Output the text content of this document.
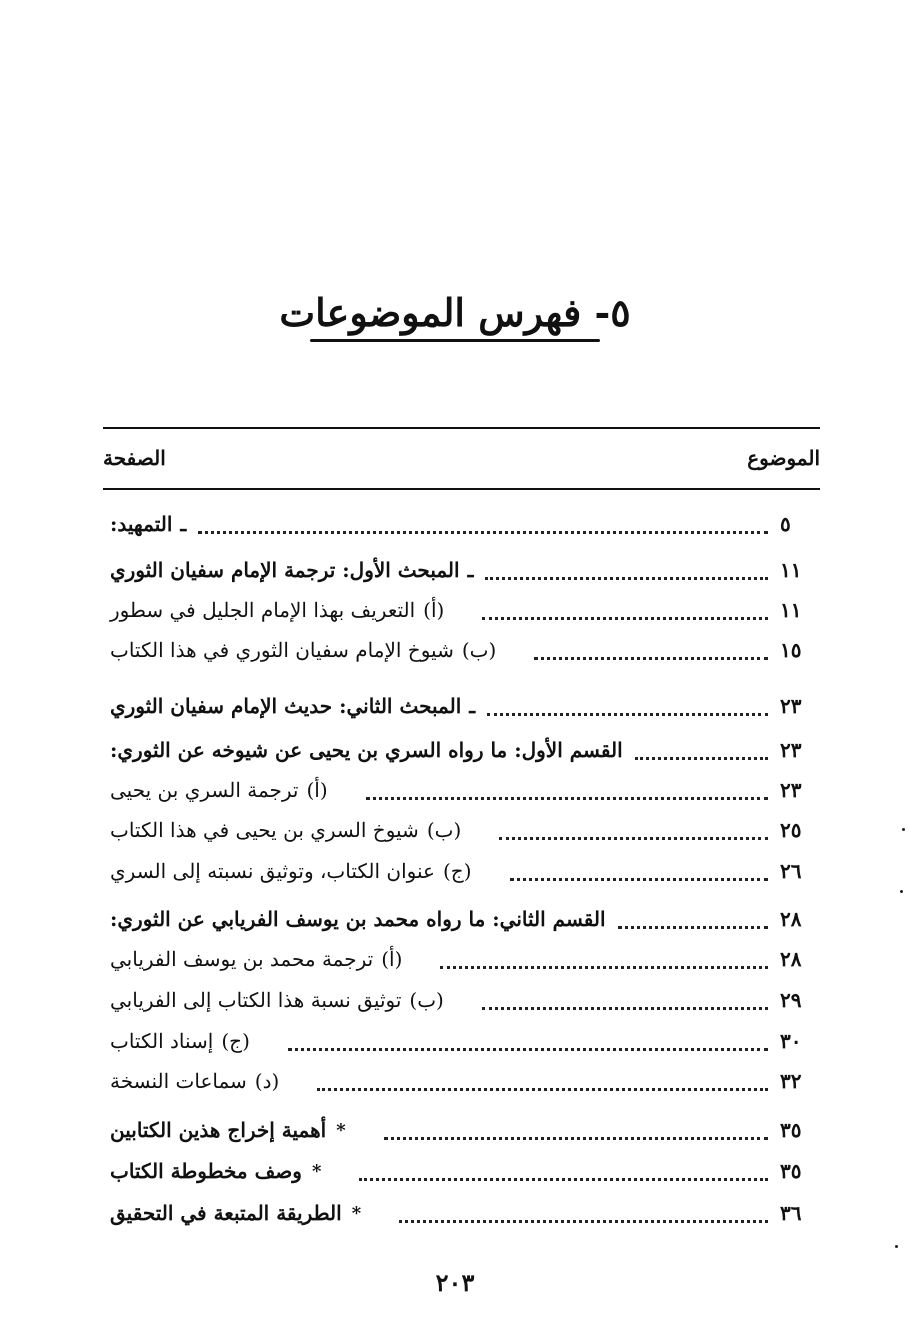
٥- فهرس الموضوعات
الموضوع
الصفحة
ـ
التمهيد:	٥
ـ
المبحث الأول: ترجمة الإمام سفيان الثوري	١١
(أ)
التعريف بهذا الإمام الجليل في سطور	١١
(ب)
شيوخ الإمام سفيان الثوري في هذا الكتاب	١٥
ـ
المبحث الثاني: حديث الإمام سفيان الثوري	٢٣
القسم الأول: ما رواه السري بن يحيى عن شيوخه عن الثوري:	٢٣
(أ)
ترجمة السري بن يحيى	٢٣
(ب)
شيوخ السري بن يحيى في هذا الكتاب	٢٥
(ج)
عنوان الكتاب، وتوثيق نسبته إلى السري	٢٦
القسم الثاني: ما رواه محمد بن يوسف الفريابي عن الثوري:	٢٨
(أ)
ترجمة محمد بن يوسف الفريابي	٢٨
(ب)
توثيق نسبة هذا الكتاب إلى الفريابي	٢٩
(ج)
إسناد الكتاب	٣٠
(د)
سماعات النسخة	٣٢
*
أهمية إخراج هذين الكتابين	٣٥
*
وصف مخطوطة الكتاب	٣٥
*
الطريقة المتبعة في التحقيق	٣٦
٢٠٣
